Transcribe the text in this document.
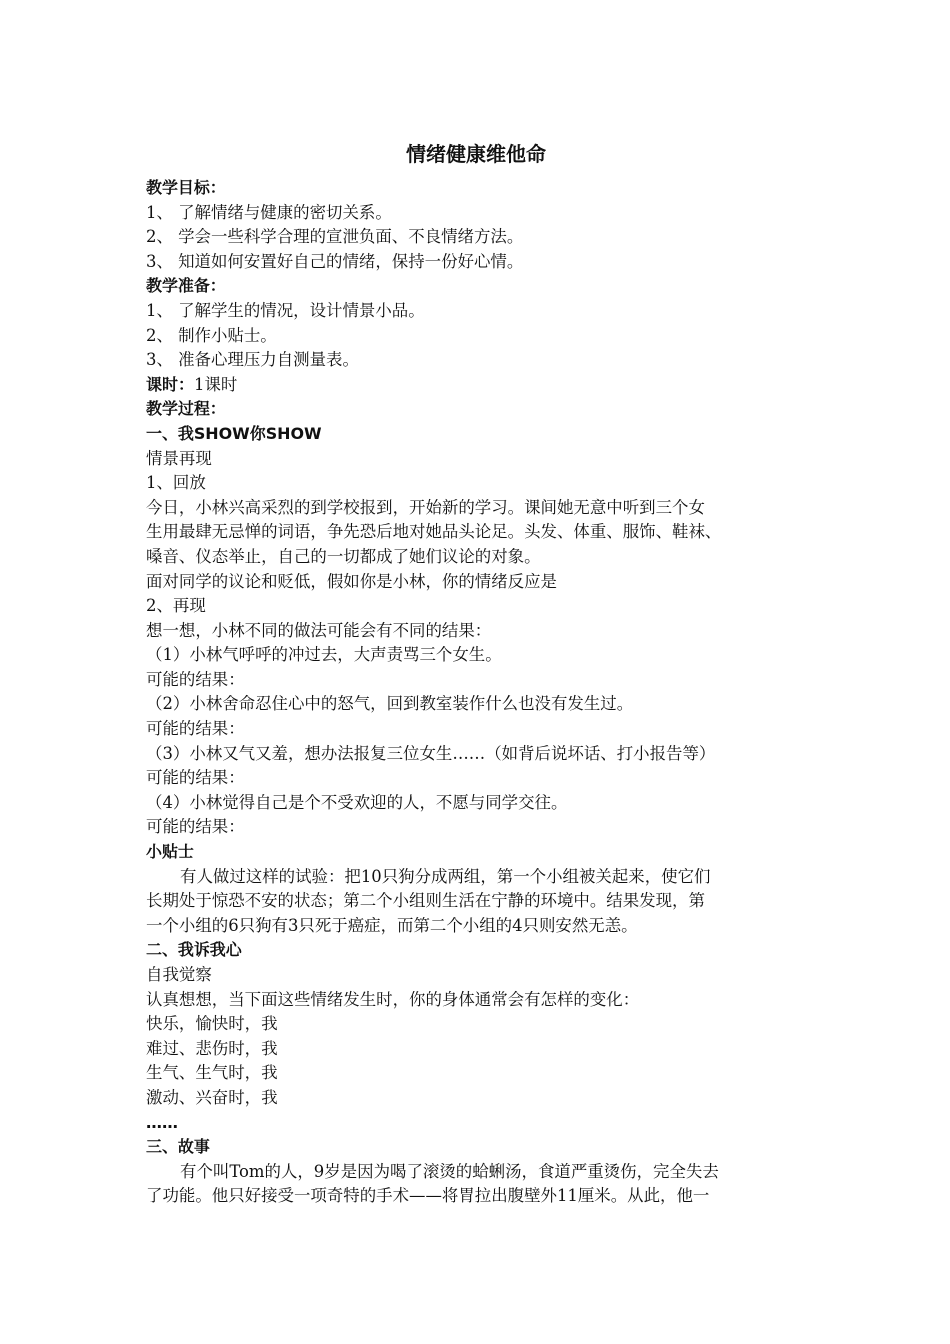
情绪健康维他命
教学目标：
1、 了解情绪与健康的密切关系。
2、 学会一些科学合理的宣泄负面、不良情绪方法。
3、 知道如何安置好自己的情绪，保持一份好心情。
教学准备：
1、 了解学生的情况，设计情景小品。
2、 制作小贴士。
3、 准备心理压力自测量表。
课时：1课时
教学过程：
一、我SHOW你SHOW
情景再现
1、回放
今日，小林兴高采烈的到学校报到，开始新的学习。课间她无意中听到三个女
生用最肆无忌惮的词语，争先恐后地对她品头论足。头发、体重、服饰、鞋袜、
嗓音、仪态举止，自己的一切都成了她们议论的对象。
面对同学的议论和贬低，假如你是小林，你的情绪反应是
2、再现
想一想，小林不同的做法可能会有不同的结果：
（1）小林气呼呼的冲过去，大声责骂三个女生。
可能的结果：
（2）小林舍命忍住心中的怒气，回到教室装作什么也没有发生过。
可能的结果：
（3）小林又气又羞，想办法报复三位女生……（如背后说坏话、打小报告等）
可能的结果：
（4）小林觉得自己是个不受欢迎的人，不愿与同学交往。
可能的结果：
小贴士
有人做过这样的试验：把10只狗分成两组，第一个小组被关起来，使它们
长期处于惊恐不安的状态；第二个小组则生活在宁静的环境中。结果发现，第
一个小组的6只狗有3只死于癌症，而第二个小组的4只则安然无恙。
二、我诉我心
自我觉察
认真想想，当下面这些情绪发生时，你的身体通常会有怎样的变化：
快乐，愉快时，我
难过、悲伤时，我
生气、生气时，我
激动、兴奋时，我
……
三、故事
有个叫Tom的人，9岁是因为喝了滚烫的蛤蜊汤，食道严重烫伤，完全失去
了功能。他只好接受一项奇特的手术——将胃拉出腹壁外11厘米。从此，他一
